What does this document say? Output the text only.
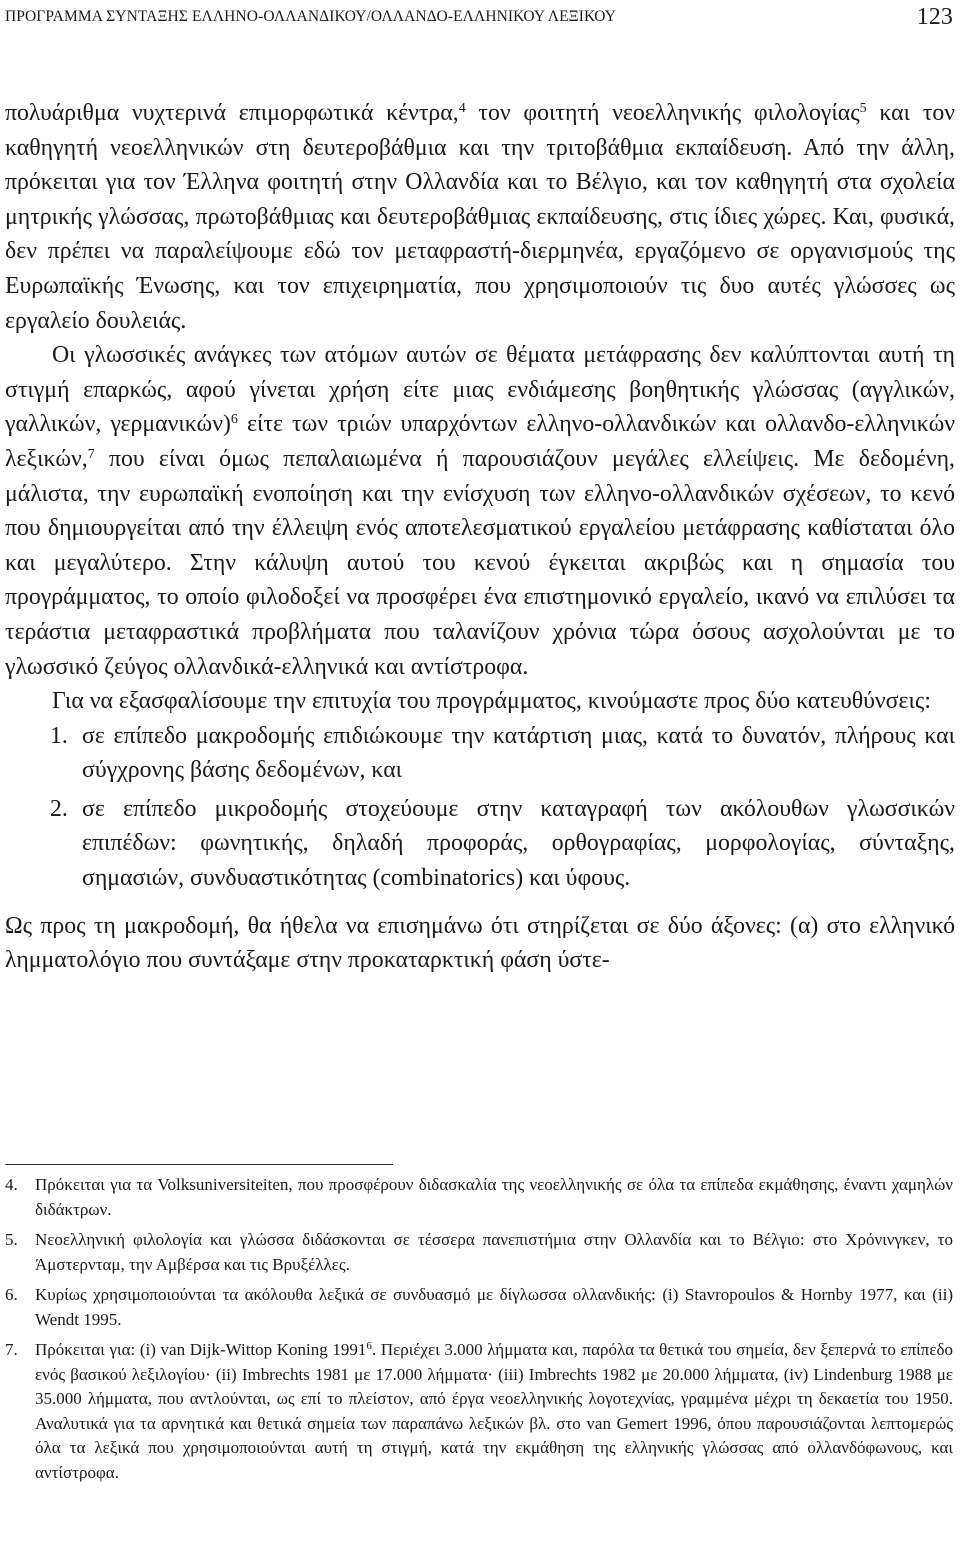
ΠΡΟΓΡΑΜΜΑ ΣΥΝΤΑΞΗΣ ΕΛΛΗΝΟ-ΟΛΛΑΝΔΙΚΟΥ/ΟΛΛΑΝΔΟ-ΕΛΛΗΝΙΚΟΥ ΛΕΞΙΚΟΥ	123

πολυάριθμα νυχτερινά επιμορφωτικά κέντρα,$^4$ τον φοιτητή νεοελληνικής φιλολογίας$^5$ και τον καθηγητή νεοελληνικών στη δευτεροβάθμια και την τριτοβάθμια εκπαίδευση. Από την άλλη, πρόκειται για τον Έλληνα φοιτητή στην Ολλανδία και το Βέλγιο, και τον καθηγητή στα σχολεία μητρικής γλώσσας, πρωτοβάθμιας και δευτεροβάθμιας εκπαίδευσης, στις ίδιες χώρες. Και, φυσικά, δεν πρέπει να παραλείψουμε εδώ τον μεταφραστή-διερμηνέα, εργαζόμενο σε οργανισμούς της Ευρωπαϊκής Ένωσης, και τον επιχειρηματία, που χρησιμοποιούν τις δυο αυτές γλώσσες ως εργαλείο δουλειάς.

Οι γλωσσικές ανάγκες των ατόμων αυτών σε θέματα μετάφρασης δεν καλύπτονται αυτή τη στιγμή επαρκώς, αφού γίνεται χρήση είτε μιας ενδιάμεσης βοηθητικής γλώσσας (αγγλικών, γαλλικών, γερμανικών)$^6$ είτε των τριών υπαρχόντων ελληνο-ολλανδικών και ολλανδο-ελληνικών λεξικών,$^7$ που είναι όμως πεπαλαιωμένα ή παρουσιάζουν μεγάλες ελλείψεις. Με δεδομένη, μάλιστα, την ευρωπαϊκή ενοποίηση και την ενίσχυση των ελληνο-ολλανδικών σχέσεων, το κενό που δημιουργείται από την έλλειψη ενός αποτελεσματικού εργαλείου μετάφρασης καθίσταται όλο και μεγαλύτερο. Στην κάλυψη αυτού του κενού έγκειται ακριβώς και η σημασία του προγράμματος, το οποίο φιλοδοξεί να προσφέρει ένα επιστημονικό εργαλείο, ικανό να επιλύσει τα τεράστια μεταφραστικά προβλήματα που ταλανίζουν χρόνια τώρα όσους ασχολούνται με το γλωσσικό ζεύγος ολλανδικά-ελληνικά και αντίστροφα.

Για να εξασφαλίσουμε την επιτυχία του προγράμματος, κινούμαστε προς δύο κατευθύνσεις:

1. σε επίπεδο μακροδομής επιδιώκουμε την κατάρτιση μιας, κατά το δυνατόν, πλήρους και σύγχρονης βάσης δεδομένων, και
2. σε επίπεδο μικροδομής στοχεύουμε στην καταγραφή των ακόλουθων γλωσσικών επιπέδων: φωνητικής, δηλαδή προφοράς, ορθογραφίας, μορφολογίας, σύνταξης, σημασιών, συνδυαστικότητας (combinatorics) και ύφους.

Ως προς τη μακροδομή, θα ήθελα να επισημάνω ότι στηρίζεται σε δύο άξονες: (α) στο ελληνικό λημματολόγιο που συντάξαμε στην προκαταρκτική φάση ύστε-

4. Πρόκειται για τα Volksuniversiteiten, που προσφέρουν διδασκαλία της νεοελληνικής σε όλα τα επίπεδα εκμάθησης, έναντι χαμηλών διδάκτρων.
5. Νεοελληνική φιλολογία και γλώσσα διδάσκονται σε τέσσερα πανεπιστήμια στην Ολλανδία και το Βέλγιο: στο Χρόνινγκεν, το Άμστερνταμ, την Αμβέρσα και τις Βρυξέλλες.
6. Κυρίως χρησιμοποιούνται τα ακόλουθα λεξικά σε συνδυασμό με δίγλωσσα ολλανδικής: (i) Stavropoulos & Hornby 1977, και (ii) Wendt 1995.
7. Πρόκειται για: (i) van Dijk-Wittop Koning 1991$^6$. Περιέχει 3.000 λήμματα και, παρόλα τα θετικά του σημεία, δεν ξεπερνά το επίπεδο ενός βασικού λεξιλογίου· (ii) Imbrechts 1981 με 17.000 λήμματα· (iii) Imbrechts 1982 με 20.000 λήμματα, (iv) Lindenburg 1988 με 35.000 λήμματα, που αντλούνται, ως επί το πλείστον, από έργα νεοελληνικής λογοτεχνίας, γραμμένα μέχρι τη δεκαετία του 1950. Αναλυτικά για τα αρνητικά και θετικά σημεία των παραπάνω λεξικών βλ. στο van Gemert 1996, όπου παρουσιάζονται λεπτομερώς όλα τα λεξικά που χρησιμοποιούνται αυτή τη στιγμή, κατά την εκμάθηση της ελληνικής γλώσσας από ολλανδόφωνους, και αντίστροφα.
